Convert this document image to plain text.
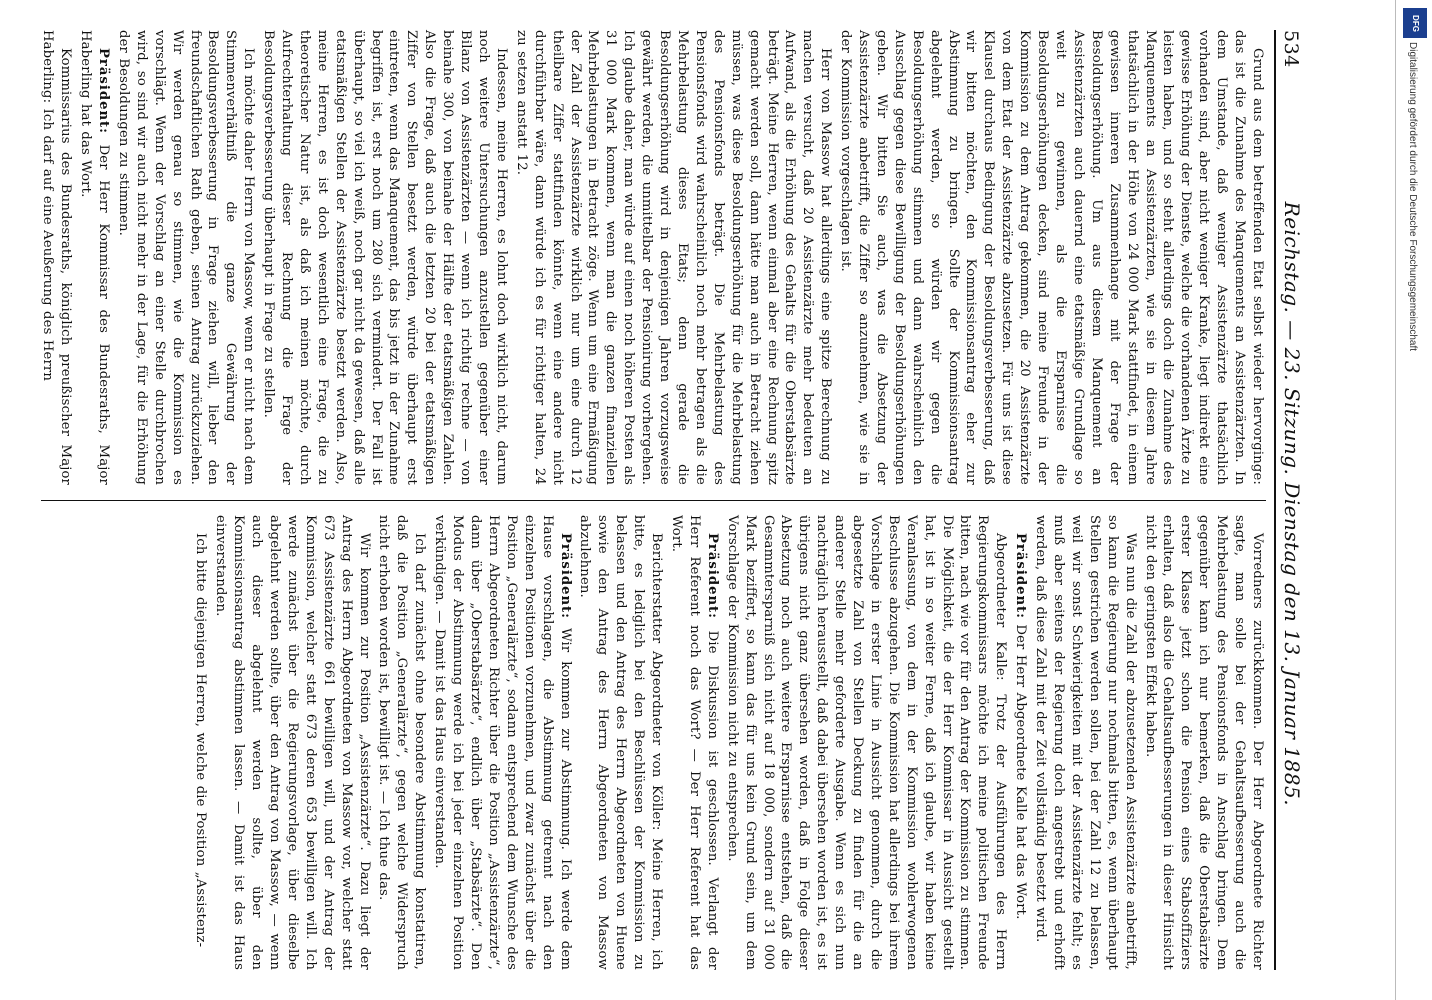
534
Reichstag. — 23. Sitzung. Dienstag den 13. Januar 1885.

Grund aus dem betreffenden Etat selbst wieder hervorginge: das ist die Zunahme des Manquements an Assistenzärzten. In dem Umstande, daß weniger Assistenzärzte thatsächlich vorhanden sind, aber nicht weniger Kranke, liegt indirekt eine gewisse Erhöhung der Dienste, welche die vorhandenen Ärzte zu leisten haben, und so steht allerdings doch die Zunahme des Manquements an Assistenzärzten, wie sie in diesem Jahre thatsächlich in der Höhe von 24 000 Mark stattfindet, in einem gewissen inneren Zusammenhange mit der Frage der Besoldungserhöhung. Um aus diesem Manquement an Assistenzärzten auch dauernd eine etatsmäßige Grundlage so weit zu gewinnen, als die Ersparnisse die Besoldungserhöhungen decken, sind meine Freunde in der Kommission zu dem Antrag gekommen, die 20 Assistenzärzte von dem Etat der Assistenzärzte abzusetzen. Für uns ist diese Klausel durchaus Bedingung der Besoldungsverbesserung, daß wir bitten möchten, den Kommissionsantrag eher zur Abstimmung zu bringen. Sollte der Kommissionsantrag abgelehnt werden, so würden wir gegen die Besoldungserhöhung stimmen und dann wahrscheinlich den Ausschlag gegen diese Bewilligung der Besoldungserhöhungen geben. Wir bitten Sie auch, was die Absetzung der Assistenzärzte anbetrifft, die Ziffer so anzunehmen, wie sie in der Kommission vorgeschlagen ist.

Herr von Massow hat allerdings eine spitze Berechnung zu machen versucht, daß 20 Assistenzärzte mehr bedeuten an Aufwand, als die Erhöhung des Gehalts für die Oberstabsärzte beträgt. Meine Herren, wenn einmal aber eine Rechnung spitz gemacht werden soll, dann hätte man auch in Betracht ziehen müssen, was diese Besoldungserhöhung für die Mehrbelastung des Pensionsfonds beträgt. Die Mehrbelastung des Pensionsfonds wird wahrscheinlich noch mehr betragen als die Mehrbelastung dieses Etats; denn gerade die Besoldungserhöhung wird in denjenigen Jahren vorzugsweise gewährt werden, die unmittelbar der Pensionirung vorhergehen. Ich glaube daher, man würde auf einen noch höheren Posten als 31 000 Mark kommen, wenn man die ganzen finanziellen Mehrbelastungen in Betracht zöge. Wenn um eine Ermäßigung der Zahl der Assistenzärzte wirklich nur um eine durch 12 theilbare Ziffer stattfinden könnte, wenn eine andere nicht durchführbar wäre, dann würde ich es für richtiger halten, 24 zu setzen anstatt 12.

Indessen, meine Herren, es lohnt doch wirklich nicht, darum noch weitere Untersuchungen anzustellen gegenüber einer Bilanz von Assistenzärzten — wenn ich richtig rechne — von beinahe 300, von beinahe der Hälfte der etatsmäßigen Zahlen. Also die Frage, daß auch die letzten 20 bei der etatsmäßigen Ziffer von Stellen besetzt werden, würde überhaupt erst eintreten, wenn das Manquement, das bis jetzt in der Zunahme begriffen ist, erst noch um 280 sich vermindert. Der Fall ist überhaupt, so viel ich weiß, noch gar nicht da gewesen, daß alle etatsmäßigen Stellen der Assistenzärzte besetzt werden. Also, meine Herren, es ist doch wesentlich eine Frage, die zu theoretischer Natur ist, als daß ich meinen möchte, durch Aufrechterhaltung dieser Rechnung die Frage der Besoldungsverbesserung überhaupt in Frage zu stellen.

Ich möchte daher Herrn von Massow, wenn er nicht nach dem Stimmenverhältniß die ganze Gewährung der Besoldungsverbesserung in Frage ziehen will, lieber den freundschaftlichen Rath geben, seinen Antrag zurückzuziehen. Wir werden genau so stimmen, wie die Kommission es vorschlägt. Wenn der Vorschlag an einer Stelle durchbrochen wird, so sind wir auch nicht mehr in der Lage, für die Erhöhung der Besoldungen zu stimmen.

Präsident: Der Herr Kommissar des Bundesraths, Major Haberling hat das Wort.

Kommissarius des Bundesraths, königlich preußischer Major Haberling: Ich darf auf eine Aeußerung des Herrn

Vorredners zurückkommen. Der Herr Abgeordnete Richter sagte, man solle bei der Gehaltsaufbesserung auch die Mehrbelastung des Pensionsfonds in Anschlag bringen. Dem gegenüber kann ich nur bemerken, daß die Oberstabsärzte erster Klasse jetzt schon die Pension eines Stabsoffiziers erhalten, daß also die Gehaltsaufbesserungen in dieser Hinsicht nicht den geringsten Effekt haben.

Was nun die Zahl der abzusetzenden Assistenzärzte anbetrifft, so kann die Regierung nur nochmals bitten, es, wenn überhaupt Stellen gestrichen werden sollen, bei der Zahl 12 zu belassen, weil wir sonst Schwierigkeiten mit der Assistenzärzte fehlt; es muß aber seitens der Regierung doch angestrebt und erhofft werden, daß diese Zahl mit der Zeit vollständig besetzt wird.

Präsident: Der Herr Abgeordnete Kalle hat das Wort.

Abgeordneter Kalle: Trotz der Ausführungen des Herrn Regierungskommissars möchte ich meine politischen Freunde bitten, nach wie vor für den Antrag der Kommission zu stimmen. Die Möglichkeit, die der Herr Kommissar in Aussicht gestellt hat, ist in so weiter Ferne, daß ich glaube, wir haben keine Veranlassung, von dem in der Kommission wohlerwogenen Beschlusse abzugehen. Die Kommission hat allerdings bei ihrem Vorschlage in erster Linie in Aussicht genommen, durch die abgesetzte Zahl von Stellen Deckung zu finden für die an anderer Stelle mehr geforderte Ausgabe. Wenn es sich nun nachträglich herausstellt, daß dabei übersehen worden ist, es ist übrigens nicht ganz übersehen worden, daß in Folge dieser Absetzung noch auch weitere Ersparnisse entstehen, daß die Gesammtersparniß sich nicht auf 18 000, sondern auf 31 000 Mark beziffert, so kann das für uns kein Grund sein, um dem Vorschlage der Kommission nicht zu entsprechen.

Präsident: Die Diskussion ist geschlossen. Verlangt der Herr Referent noch das Wort? — Der Herr Referent hat das Wort.

Berichterstatter Abgeordneter von Köller: Meine Herren, ich bitte, es lediglich bei den Beschlüssen der Kommission zu belassen und den Antrag des Herrn Abgeordneten von Huene sowie den Antrag des Herrn Abgeordneten von Massow abzulehnen.

Präsident: Wir kommen zur Abstimmung. Ich werde dem Hause vorschlagen, die Abstimmung getrennt nach den einzelnen Positionen vorzunehmen, und zwar zunächst über die Position „Generalärzte“, sodann entsprechend dem Wunsche des Herrn Abgeordneten Richter über die Position „Assistenzärzte“, dann über „Oberstabsärzte“, endlich über „Stabsärzte“. Den Modus der Abstimmung werde ich bei jeder einzelnen Position verkündigen. — Damit ist das Haus einverstanden.

Ich darf zunächst ohne besondere Abstimmung konstatiren, daß die Position „Generalärzte“, gegen welche Widerspruch nicht erhoben worden ist, bewilligt ist. — Ich thue das.

Wir kommen zur Position „Assistenzärzte“. Dazu liegt der Antrag des Herrn Abgeordneten von Massow vor, welcher statt 673 Assistenzärzte 661 bewilligen will, und der Antrag der Kommission, welcher statt 673 deren 653 bewilligen will. Ich werde zunächst über die Regierungsvorlage, über dieselbe abgelehnt werden sollte, über den Antrag von Massow, — wenn auch dieser abgelehnt werden sollte, über den Kommissionsantrag abstimmen lassen. — Damit ist das Haus einverstanden.

Ich bitte diejenigen Herren, welche die Position „Assistenz-

DFG
Digitalisierung gefördert durch die Deutsche Forschungsgemeinschaft
